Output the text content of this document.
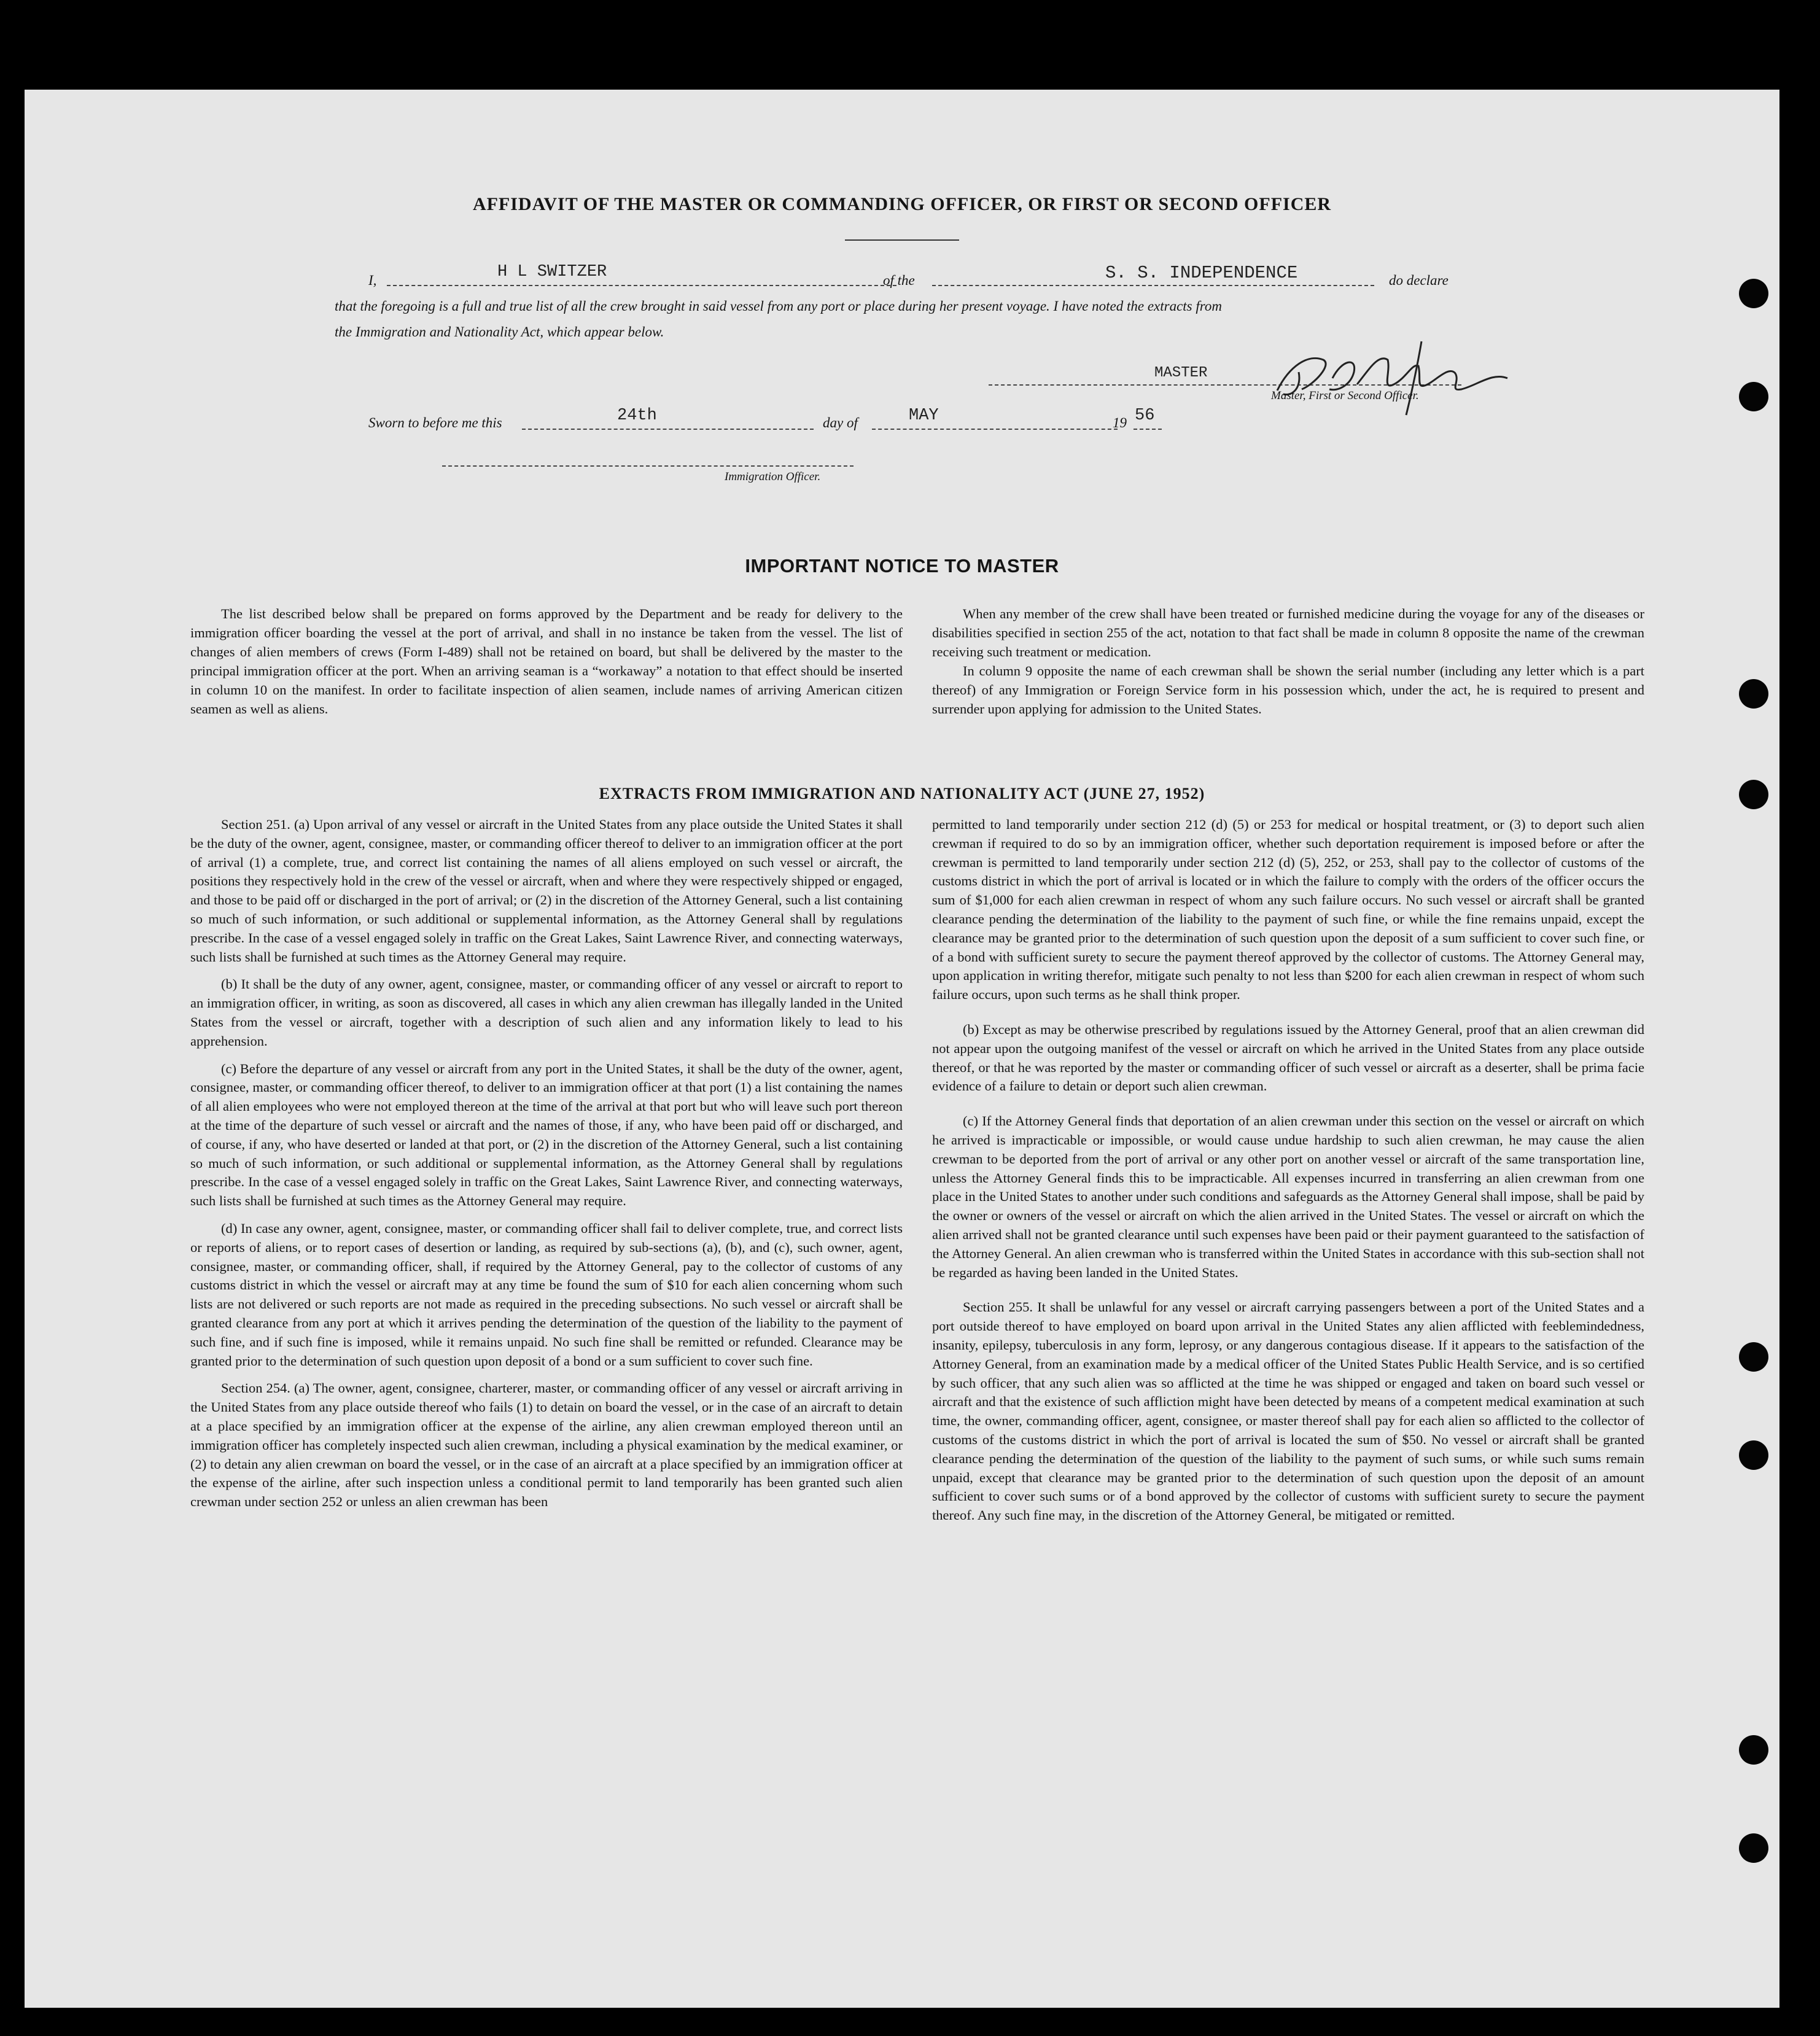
AFFIDAVIT OF THE MASTER OR COMMANDING OFFICER, OR FIRST OR SECOND OFFICER
I,	H L SWITZER	of the	S. S. INDEPENDENCE	do declare
that the foregoing is a full and true list of all the crew brought in said vessel from any port or place during her present voyage. I have noted the extracts from
the Immigration and Nationality Act, which appear below.
MASTER
Master, First or Second Officer.
Sworn to before me this	24th	day of	MAY	19 56
Immigration Officer.
IMPORTANT NOTICE TO MASTER

The list described below shall be prepared on forms approved by the Department and be ready for delivery to the immigration officer boarding the vessel at the port of arrival, and shall in no instance be taken from the vessel. The list of changes of alien members of crews (Form I-489) shall not be retained on board, but shall be delivered by the master to the principal immigration officer at the port. When an arriving seaman is a “workaway” a notation to that effect should be inserted in column 10 on the manifest. In order to facilitate inspection of alien seamen, include names of arriving American citizen seamen as well as aliens.

When any member of the crew shall have been treated or furnished medicine during the voyage for any of the diseases or disabilities specified in section 255 of the act, notation to that fact shall be made in column 8 opposite the name of the crewman receiving such treatment or medication.

In column 9 opposite the name of each crewman shall be shown the serial number (including any letter which is a part thereof) of any Immigration or Foreign Service form in his possession which, under the act, he is required to present and surrender upon applying for admission to the United States.

EXTRACTS FROM IMMIGRATION AND NATIONALITY ACT (JUNE 27, 1952)

Section 251. (a) Upon arrival of any vessel or aircraft in the United States from any place outside the United States it shall be the duty of the owner, agent, consignee, master, or commanding officer thereof to deliver to an immigration officer at the port of arrival (1) a complete, true, and correct list containing the names of all aliens employed on such vessel or aircraft, the positions they respectively hold in the crew of the vessel or aircraft, when and where they were respectively shipped or engaged, and those to be paid off or discharged in the port of arrival; or (2) in the discretion of the Attorney General, such a list containing so much of such information, or such additional or supplemental information, as the Attorney General shall by regulations prescribe. In the case of a vessel engaged solely in traffic on the Great Lakes, Saint Lawrence River, and connecting waterways, such lists shall be furnished at such times as the Attorney General may require.

(b) It shall be the duty of any owner, agent, consignee, master, or commanding officer of any vessel or aircraft to report to an immigration officer, in writing, as soon as discovered, all cases in which any alien crewman has illegally landed in the United States from the vessel or aircraft, together with a description of such alien and any information likely to lead to his apprehension.

(c) Before the departure of any vessel or aircraft from any port in the United States, it shall be the duty of the owner, agent, consignee, master, or commanding officer thereof, to deliver to an immigration officer at that port (1) a list containing the names of all alien employees who were not employed thereon at the time of the arrival at that port but who will leave such port thereon at the time of the departure of such vessel or aircraft and the names of those, if any, who have been paid off or discharged, and of course, if any, who have deserted or landed at that port, or (2) in the discretion of the Attorney General, such a list containing so much of such information, or such additional or supplemental information, as the Attorney General shall by regulations prescribe. In the case of a vessel engaged solely in traffic on the Great Lakes, Saint Lawrence River, and connecting waterways, such lists shall be furnished at such times as the Attorney General may require.

(d) In case any owner, agent, consignee, master, or commanding officer shall fail to deliver complete, true, and correct lists or reports of aliens, or to report cases of desertion or landing, as required by sub-sections (a), (b), and (c), such owner, agent, consignee, master, or commanding officer, shall, if required by the Attorney General, pay to the collector of customs of any customs district in which the vessel or aircraft may at any time be found the sum of $10 for each alien concerning whom such lists are not delivered or such reports are not made as required in the preceding subsections. No such vessel or aircraft shall be granted clearance from any port at which it arrives pending the determination of the question of the liability to the payment of such fine, and if such fine is imposed, while it remains unpaid. No such fine shall be remitted or refunded. Clearance may be granted prior to the determination of such question upon deposit of a bond or a sum sufficient to cover such fine.

Section 254. (a) The owner, agent, consignee, charterer, master, or commanding officer of any vessel or aircraft arriving in the United States from any place outside thereof who fails (1) to detain on board the vessel, or in the case of an aircraft to detain at a place specified by an immigration officer at the expense of the airline, any alien crewman employed thereon until an immigration officer has completely inspected such alien crewman, including a physical examination by the medical examiner, or (2) to detain any alien crewman on board the vessel, or in the case of an aircraft at a place specified by an immigration officer at the expense of the airline, after such inspection unless a conditional permit to land temporarily has been granted such alien crewman under section 252 or unless an alien crewman has been

permitted to land temporarily under section 212 (d) (5) or 253 for medical or hospital treatment, or (3) to deport such alien crewman if required to do so by an immigration officer, whether such deportation requirement is imposed before or after the crewman is permitted to land temporarily under section 212 (d) (5), 252, or 253, shall pay to the collector of customs of the customs district in which the port of arrival is located or in which the failure to comply with the orders of the officer occurs the sum of $1,000 for each alien crewman in respect of whom any such failure occurs. No such vessel or aircraft shall be granted clearance pending the determination of the liability to the payment of such fine, or while the fine remains unpaid, except the clearance may be granted prior to the determination of such question upon the deposit of a sum sufficient to cover such fine, or of a bond with sufficient surety to secure the payment thereof approved by the collector of customs. The Attorney General may, upon application in writing therefor, mitigate such penalty to not less than $200 for each alien crewman in respect of whom such failure occurs, upon such terms as he shall think proper.

(b) Except as may be otherwise prescribed by regulations issued by the Attorney General, proof that an alien crewman did not appear upon the outgoing manifest of the vessel or aircraft on which he arrived in the United States from any place outside thereof, or that he was reported by the master or commanding officer of such vessel or aircraft as a deserter, shall be prima facie evidence of a failure to detain or deport such alien crewman.

(c) If the Attorney General finds that deportation of an alien crewman under this section on the vessel or aircraft on which he arrived is impracticable or impossible, or would cause undue hardship to such alien crewman, he may cause the alien crewman to be deported from the port of arrival or any other port on another vessel or aircraft of the same transportation line, unless the Attorney General finds this to be impracticable. All expenses incurred in transferring an alien crewman from one place in the United States to another under such conditions and safeguards as the Attorney General shall impose, shall be paid by the owner or owners of the vessel or aircraft on which the alien arrived in the United States. The vessel or aircraft on which the alien arrived shall not be granted clearance until such expenses have been paid or their payment guaranteed to the satisfaction of the Attorney General. An alien crewman who is transferred within the United States in accordance with this sub-section shall not be regarded as having been landed in the United States.

Section 255. It shall be unlawful for any vessel or aircraft carrying passengers between a port of the United States and a port outside thereof to have employed on board upon arrival in the United States any alien afflicted with feeblemindedness, insanity, epilepsy, tuberculosis in any form, leprosy, or any dangerous contagious disease. If it appears to the satisfaction of the Attorney General, from an examination made by a medical officer of the United States Public Health Service, and is so certified by such officer, that any such alien was so afflicted at the time he was shipped or engaged and taken on board such vessel or aircraft and that the existence of such affliction might have been detected by means of a competent medical examination at such time, the owner, commanding officer, agent, consignee, or master thereof shall pay for each alien so afflicted to the collector of customs of the customs district in which the port of arrival is located the sum of $50. No vessel or aircraft shall be granted clearance pending the determination of the question of the liability to the payment of such sums, or while such sums remain unpaid, except that clearance may be granted prior to the determination of such question upon the deposit of an amount sufficient to cover such sums or of a bond approved by the collector of customs with sufficient surety to secure the payment thereof. Any such fine may, in the discretion of the Attorney General, be mitigated or remitted.
